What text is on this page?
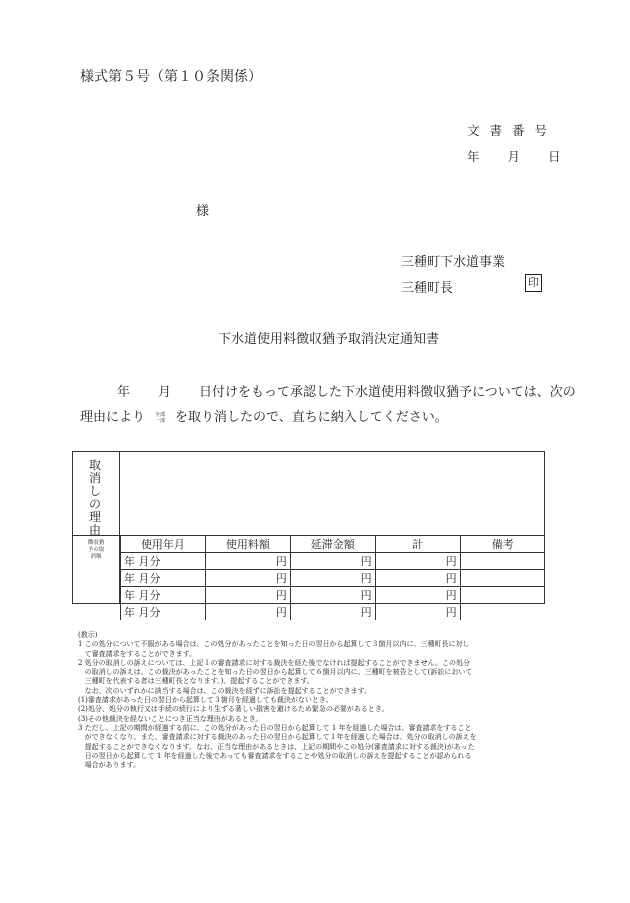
様式第５号（第１０条関係）
文書番号
年 月 日
様
三種町下水道事業
三種町長	印
下水道使用料徴収猶予取消決定通知書
年 月 日付けをもって承認した下水道使用料徴収猶予については、次の
理由により 全部
一部 を取り消したので、直ちに納入してください。
取消しの理由
徴収猶予の取消額
使用年月	使用料額	延滞金額	計	備考
年 月分	円	円	円	
年 月分	円	円	円	
年 月分	円	円	円	
年 月分	円	円	円	
(教示)
1 この処分について不服がある場合は、この処分があったことを知った日の翌日から起算して３箇月以内に、三種町長に対し
て審査請求をすることができます。
2 処分の取消しの訴えについては、上記１の審査請求に対する裁決を経た後でなければ提起することができません。この処分
の取消しの訴えは、この裁決があったことを知った日の翌日から起算して６箇月以内に、三種町を被告として(訴訟において
三種町を代表する者は三種町長となります。)、提起することができます。
なお、次のいずれかに該当する場合は、この裁決を経ずに訴訟を提起することができます。
(1)審査請求があった日の翌日から起算して３箇月を経過しても裁決がないとき。
(2)処分、処分の執行又は手続の続行により生ずる著しい損害を避けるため緊急の必要があるとき。
(3)その他裁決を経ないことにつき正当な理由があるとき。
3 ただし、上記の期間が経過する前に、この処分があった日の翌日から起算して 1 年を経過した場合は、審査請求をすること
ができなくなり、また、審査請求に対する裁決のあった日の翌日から起算して１年を経過した場合は、処分の取消しの訴えを
提起することができなくなります。なお、正当な理由があるときは、上記の期間やこの処分(審査請求に対する裁決)があった
日の翌日から起算して 1 年を経過した後であっても審査請求をすることや処分の取消しの訴えを提起することが認められる
場合があります。
